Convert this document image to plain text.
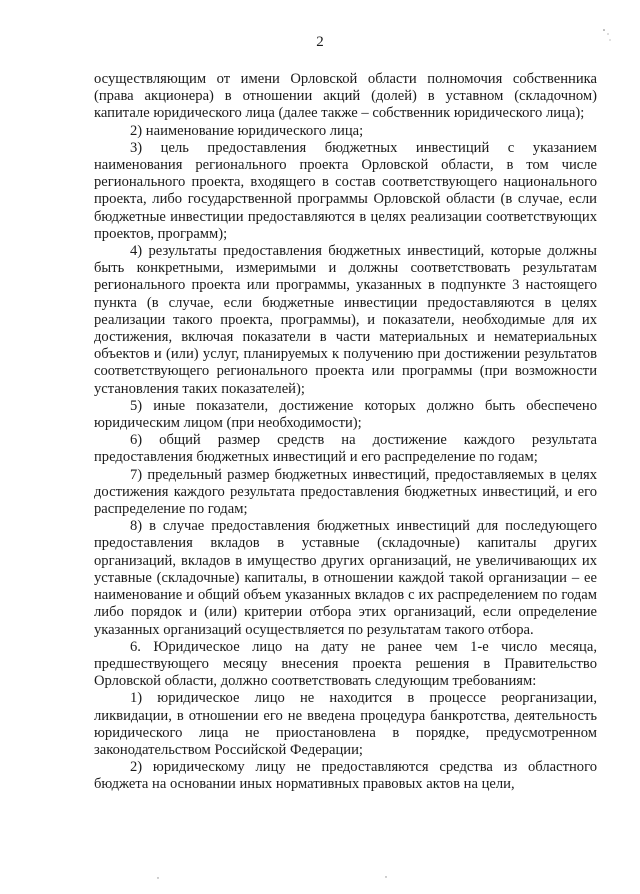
2

осуществляющим от имени Орловской области полномочия собственника (права акционера) в отношении акций (долей) в уставном (складочном) капитале юридического лица (далее также – собственник юридического лица);

2) наименование юридического лица;

3) цель предоставления бюджетных инвестиций с указанием наименования регионального проекта Орловской области, в том числе регионального проекта, входящего в состав соответствующего национального проекта, либо государственной программы Орловской области (в случае, если бюджетные инвестиции предоставляются в целях реализации соответствующих проектов, программ);

4) результаты предоставления бюджетных инвестиций, которые должны быть конкретными, измеримыми и должны соответствовать результатам регионального проекта или программы, указанных в подпункте 3 настоящего пункта (в случае, если бюджетные инвестиции предоставляются в целях реализации такого проекта, программы), и показатели, необходимые для их достижения, включая показатели в части материальных и нематериальных объектов и (или) услуг, планируемых к получению при достижении результатов соответствующего регионального проекта или программы (при возможности установления таких показателей);

5) иные показатели, достижение которых должно быть обеспечено юридическим лицом (при необходимости);

6) общий размер средств на достижение каждого результата предоставления бюджетных инвестиций и его распределение по годам;

7) предельный размер бюджетных инвестиций, предоставляемых в целях достижения каждого результата предоставления бюджетных инвестиций, и его распределение по годам;

8) в случае предоставления бюджетных инвестиций для последующего предоставления вкладов в уставные (складочные) капиталы других организаций, вкладов в имущество других организаций, не увеличивающих их уставные (складочные) капиталы, в отношении каждой такой организации – ее наименование и общий объем указанных вкладов с их распределением по годам либо порядок и (или) критерии отбора этих организаций, если определение указанных организаций осуществляется по результатам такого отбора.

6. Юридическое лицо на дату не ранее чем 1-е число месяца, предшествующего месяцу внесения проекта решения в Правительство Орловской области, должно соответствовать следующим требованиям:

1) юридическое лицо не находится в процессе реорганизации, ликвидации, в отношении его не введена процедура банкротства, деятельность юридического лица не приостановлена в порядке, предусмотренном законодательством Российской Федерации;

2) юридическому лицу не предоставляются средства из областного бюджета на основании иных нормативных правовых актов на цели,
